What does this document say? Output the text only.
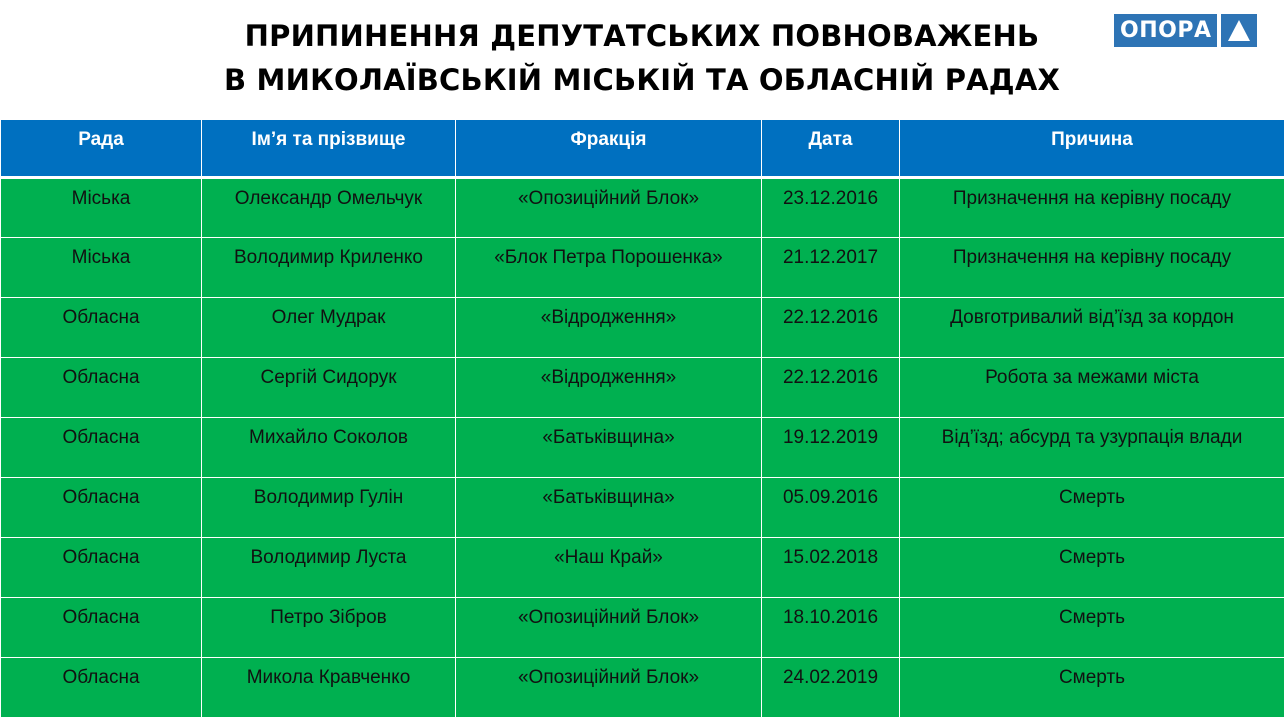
ПРИПИНЕННЯ ДЕПУТАТСЬКИХ ПОВНОВАЖЕНЬ
В МИКОЛАЇВСЬКІЙ МІСЬКІЙ ТА ОБЛАСНІЙ РАДАХ
ОПОРА
Рада	Ім’я та прізвище	Фракція	Дата	Причина
Міська	Олександр Омельчук	«Опозиційний Блок»	23.12.2016	Призначення на керівну посаду
Міська	Володимир Криленко	«Блок Петра Порошенка»	21.12.2017	Призначення на керівну посаду
Обласна	Олег Мудрак	«Відродження»	22.12.2016	Довготривалий від’їзд за кордон
Обласна	Сергій Сидорук	«Відродження»	22.12.2016	Робота за межами міста
Обласна	Михайло Соколов	«Батьківщина»	19.12.2019	Від’їзд; абсурд та узурпація влади
Обласна	Володимир Гулін	«Батьківщина»	05.09.2016	Смерть
Обласна	Володимир Луста	«Наш Край»	15.02.2018	Смерть
Обласна	Петро Зібров	«Опозиційний Блок»	18.10.2016	Смерть
Обласна	Микола Кравченко	«Опозиційний Блок»	24.02.2019	Смерть
